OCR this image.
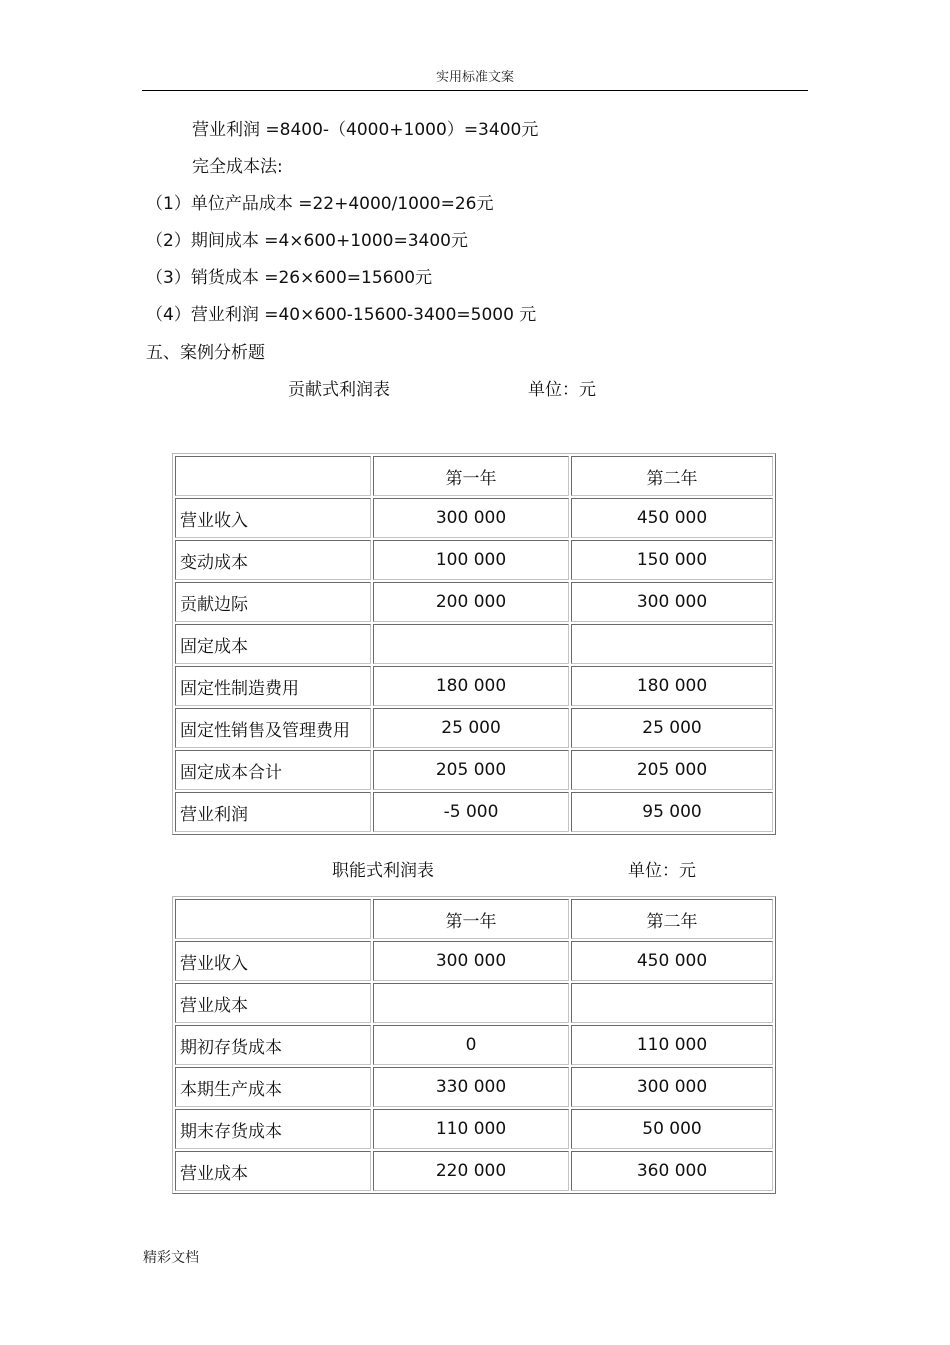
实用标准文案
营业利润 =8400-（4000+1000）=3400元
完全成本法:
（1）单位产品成本 =22+4000/1000=26元
（2）期间成本 =4×600+1000=3400元
（3）销货成本 =26×600=15600元
（4）营业利润 =40×600-15600-3400=5000 元
五、案例分析题
贡献式利润表	单位：元
	第一年	第二年
营业收入	300 000	450 000
变动成本	100 000	150 000
贡献边际	200 000	300 000
固定成本		
固定性制造费用	180 000	180 000
固定性销售及管理费用	25 000	25 000
固定成本合计	205 000	205 000
营业利润	-5 000	95 000
职能式利润表	单位：元
	第一年	第二年
营业收入	300 000	450 000
营业成本		
期初存货成本	0	110 000
本期生产成本	330 000	300 000
期末存货成本	110 000	50 000
营业成本	220 000	360 000
精彩文档
